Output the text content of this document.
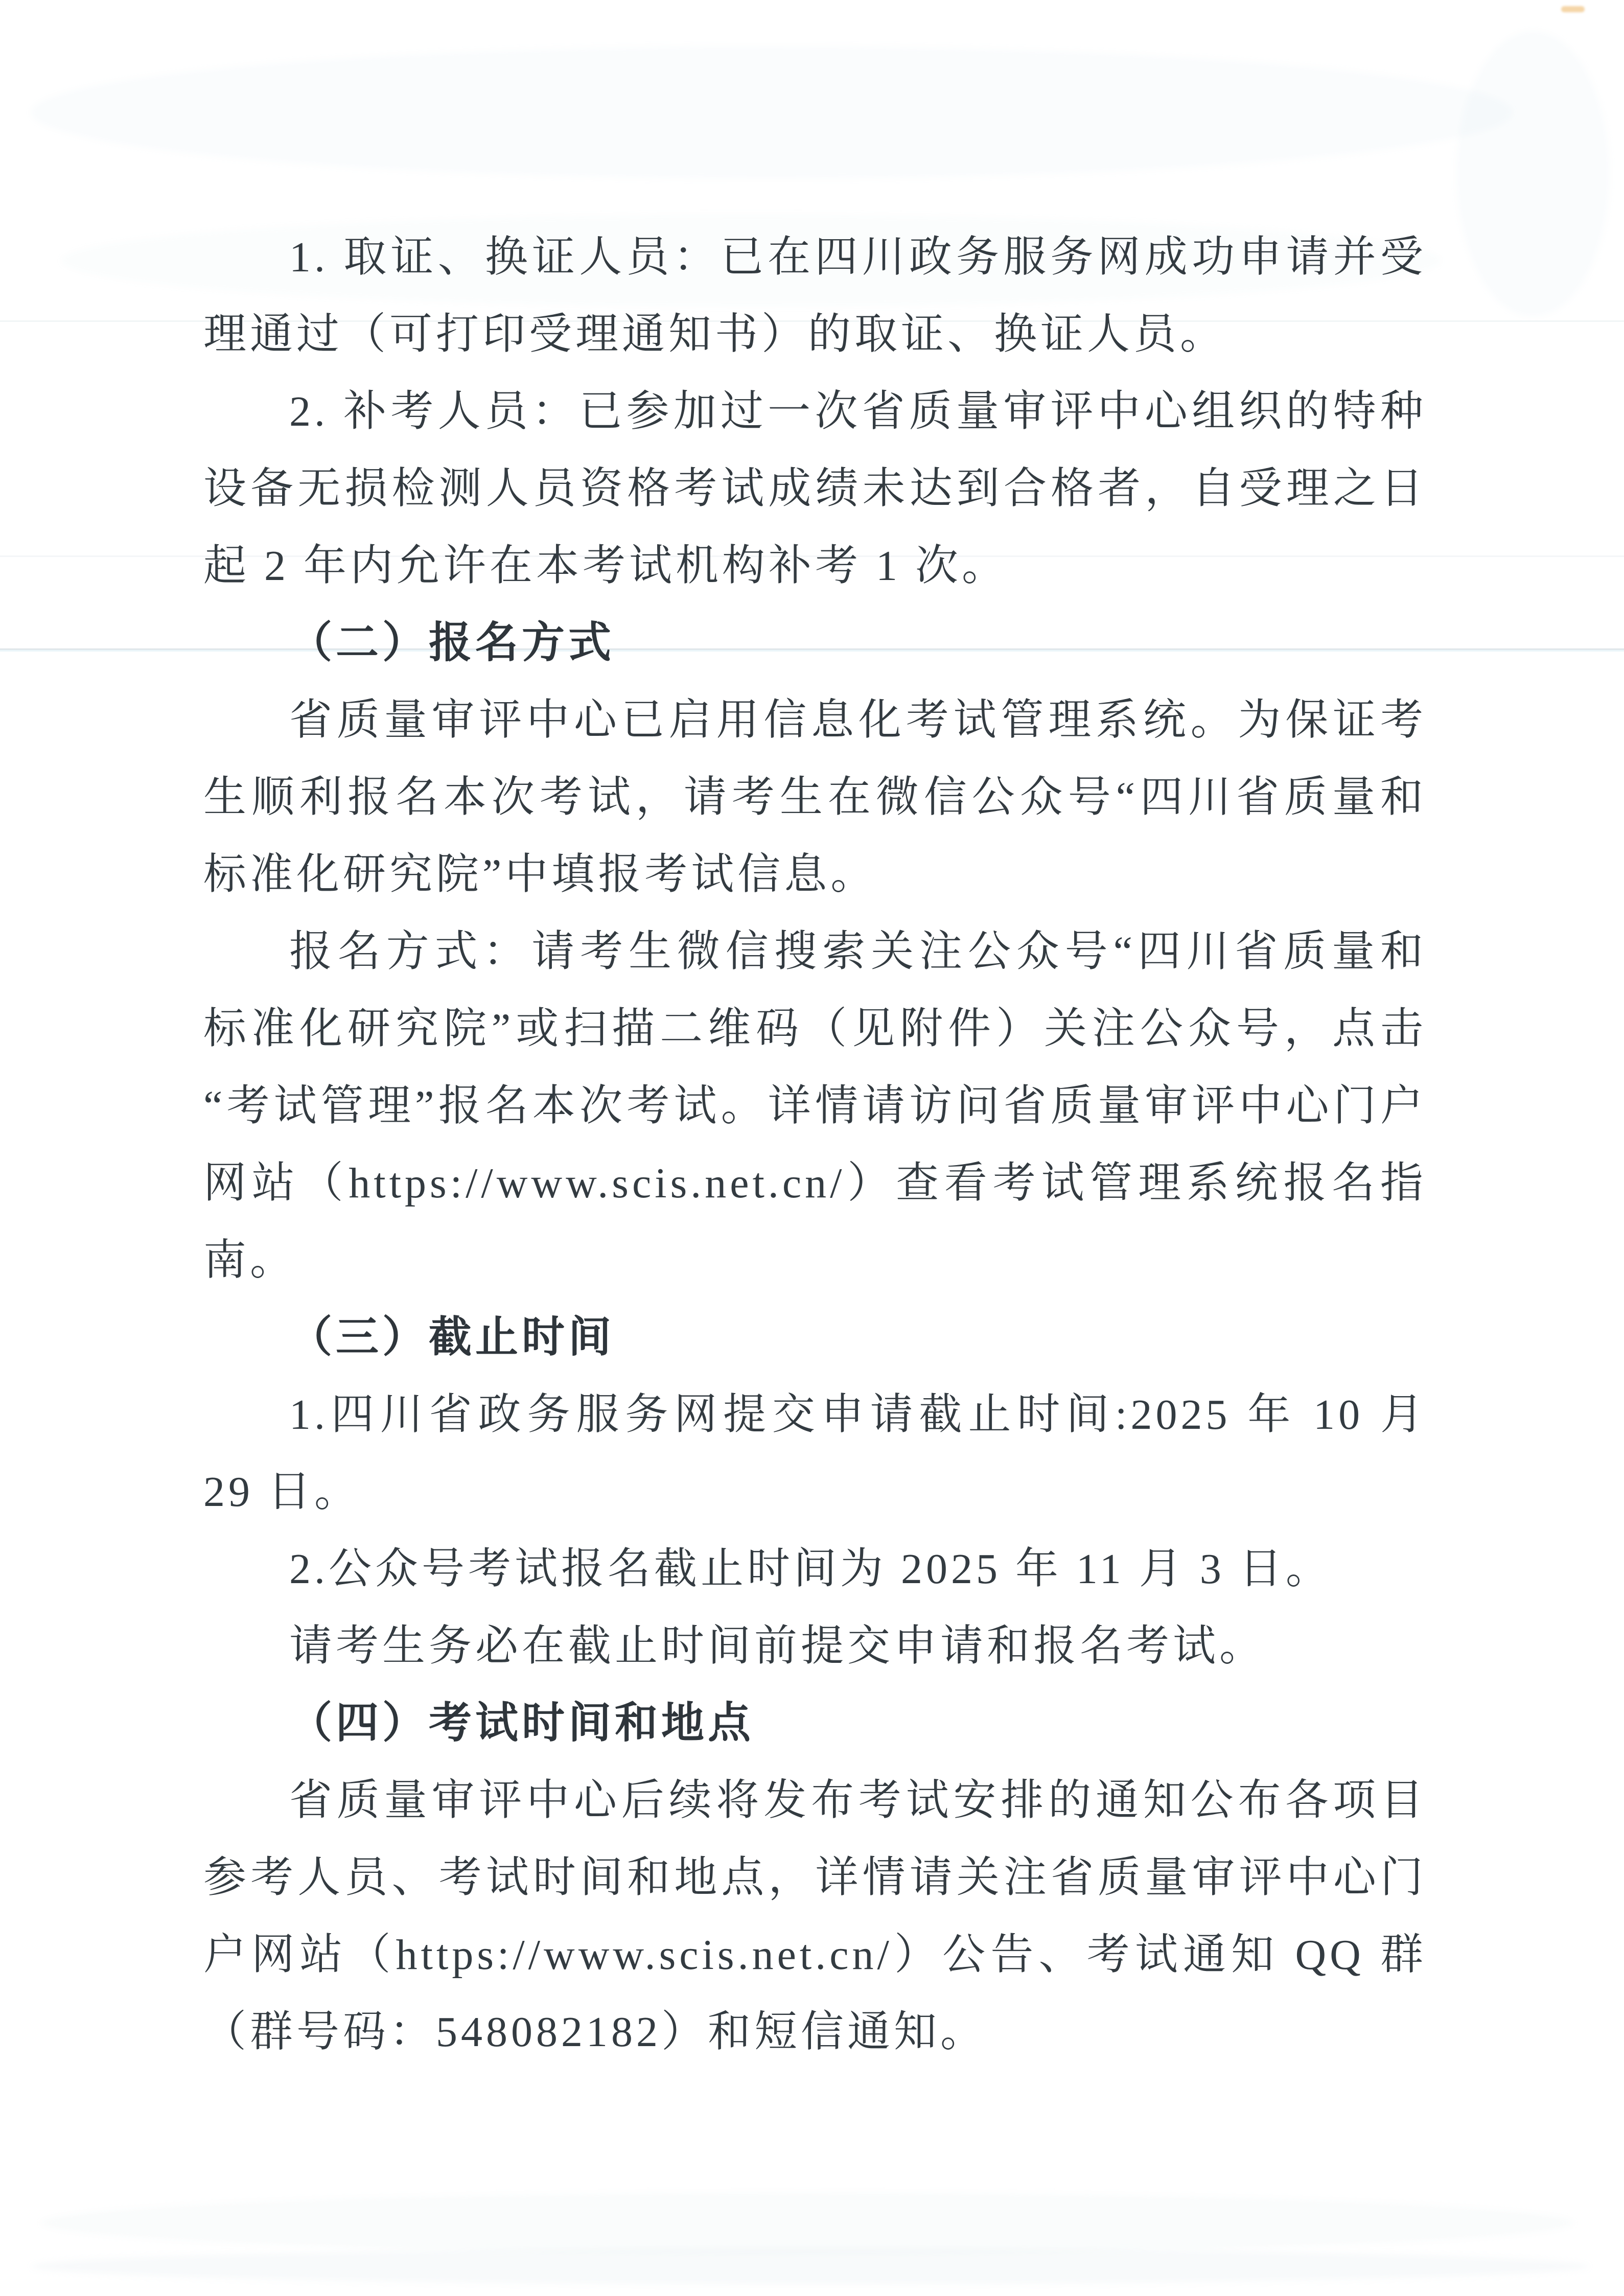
1. 取证、换证人员：已在四川政务服务网成功申请并受理通过（可打印受理通知书）的取证、换证人员。

2. 补考人员：已参加过一次省质量审评中心组织的特种设备无损检测人员资格考试成绩未达到合格者，自受理之日起 2 年内允许在本考试机构补考 1 次。

（二）报名方式

省质量审评中心已启用信息化考试管理系统。为保证考生顺利报名本次考试，请考生在微信公众号“四川省质量和标准化研究院”中填报考试信息。

报名方式：请考生微信搜索关注公众号“四川省质量和标准化研究院”或扫描二维码（见附件）关注公众号，点击“考试管理”报名本次考试。详情请访问省质量审评中心门户网站（https://www.scis.net.cn/）查看考试管理系统报名指南。

（三）截止时间

1.四川省政务服务网提交申请截止时间:2025 年 10 月 29 日。

2.公众号考试报名截止时间为 2025 年 11 月 3 日。

请考生务必在截止时间前提交申请和报名考试。

（四）考试时间和地点

省质量审评中心后续将发布考试安排的通知公布各项目参考人员、考试时间和地点，详情请关注省质量审评中心门户网站（https://www.scis.net.cn/）公告、考试通知 QQ 群（群号码：548082182）和短信通知。
